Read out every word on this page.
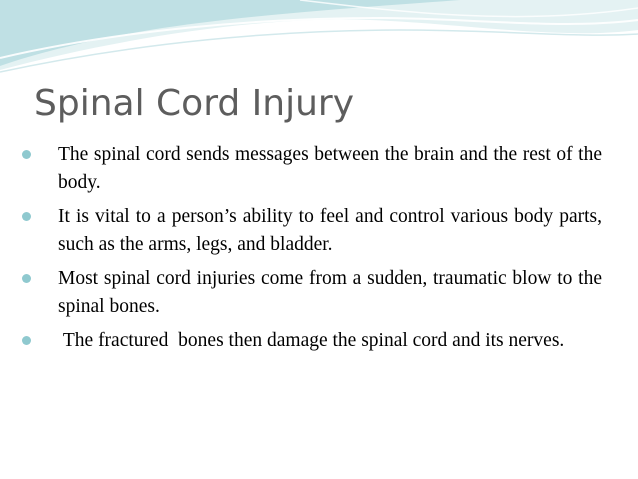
Spinal Cord Injury
The spinal cord sends messages between the brain and the rest of the body.
It is vital to a person’s ability to feel and control various body parts, such as the arms, legs, and bladder.
Most spinal cord injuries come from a sudden, traumatic blow to the spinal bones.
The fractured  bones then damage the spinal cord and its nerves.
